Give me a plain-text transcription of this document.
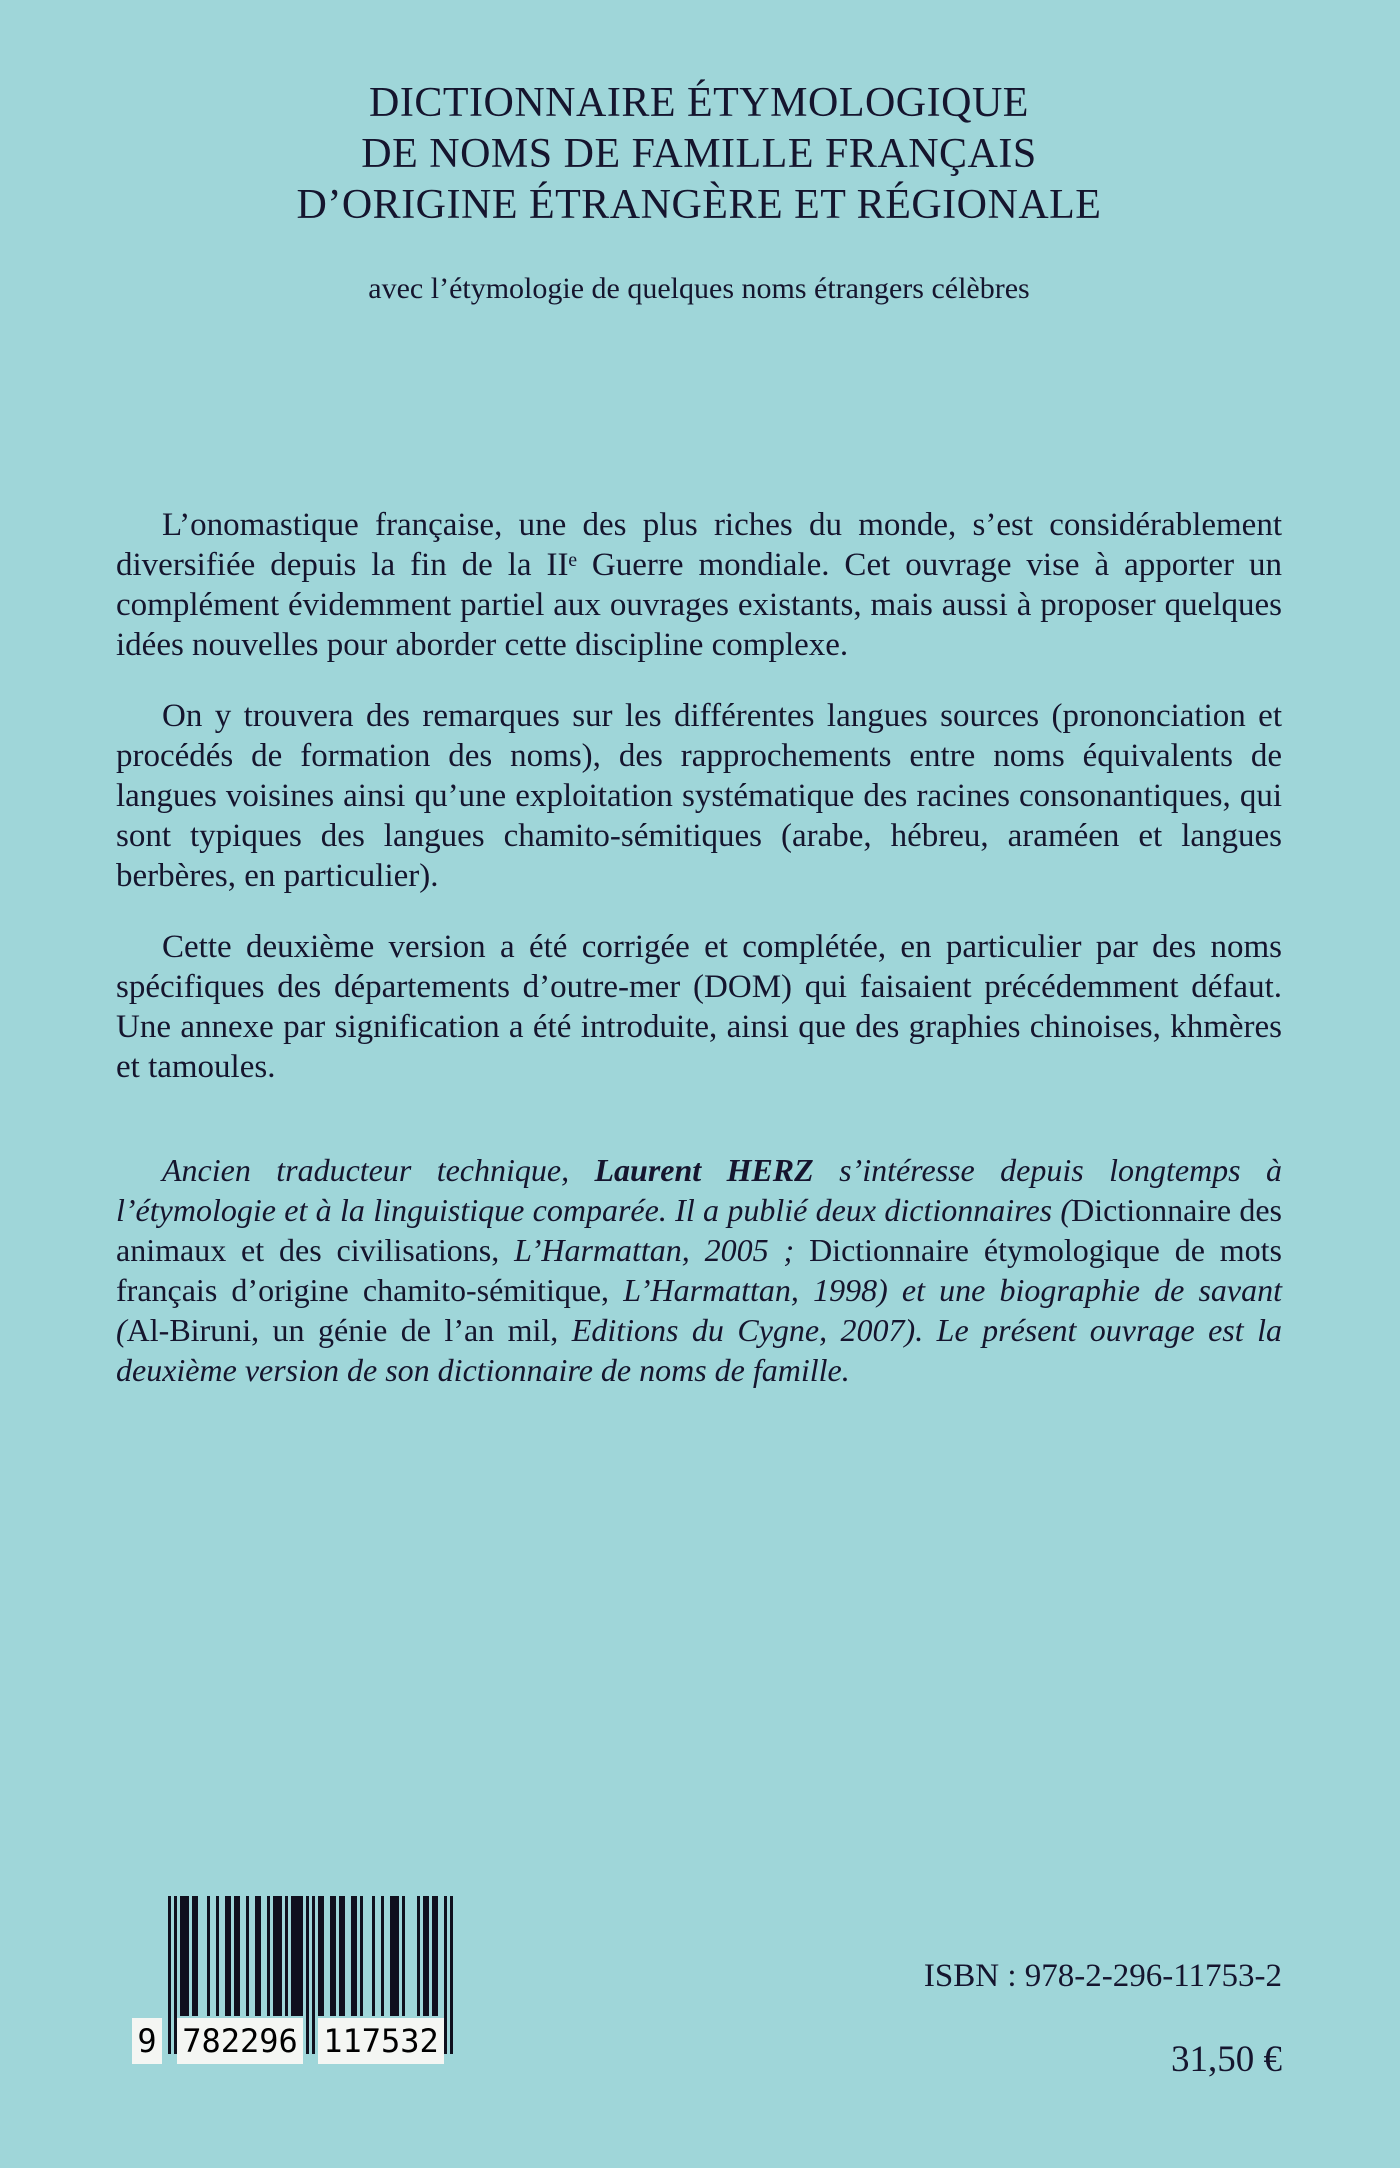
DICTIONNAIRE ÉTYMOLOGIQUE
DE NOMS DE FAMILLE FRANÇAIS
D’ORIGINE ÉTRANGÈRE ET RÉGIONALE
avec l’étymologie de quelques noms étrangers célèbres

L’onomastique française, une des plus riches du monde, s’est considérablement diversifiée depuis la fin de la IIᵉ Guerre mondiale. Cet ouvrage vise à apporter un complément évidemment partiel aux ouvrages existants, mais aussi à proposer quelques idées nouvelles pour aborder cette discipline complexe.

On y trouvera des remarques sur les différentes langues sources (prononciation et procédés de formation des noms), des rapprochements entre noms équivalents de langues voisines ainsi qu’une exploitation systématique des racines consonantiques, qui sont typiques des langues chamito-sémitiques (arabe, hébreu, araméen et langues berbères, en particulier).

Cette deuxième version a été corrigée et complétée, en particulier par des noms spécifiques des départements d’outre-mer (DOM) qui faisaient précédemment défaut. Une annexe par signification a été introduite, ainsi que des graphies chinoises, khmères et tamoules.

Ancien traducteur technique, Laurent HERZ s’intéresse depuis longtemps à l’étymologie et à la linguistique comparée. Il a publié deux dictionnaires (Dictionnaire des animaux et des civilisations, L’Harmattan, 2005 ; Dictionnaire étymologique de mots français d’origine chamito-sémitique, L’Harmattan, 1998) et une biographie de savant (Al-Biruni, un génie de l’an mil, Editions du Cygne, 2007). Le présent ouvrage est la deuxième version de son dictionnaire de noms de famille.
9 782296 117532
ISBN : 978-2-296-11753-2
31,50 €
